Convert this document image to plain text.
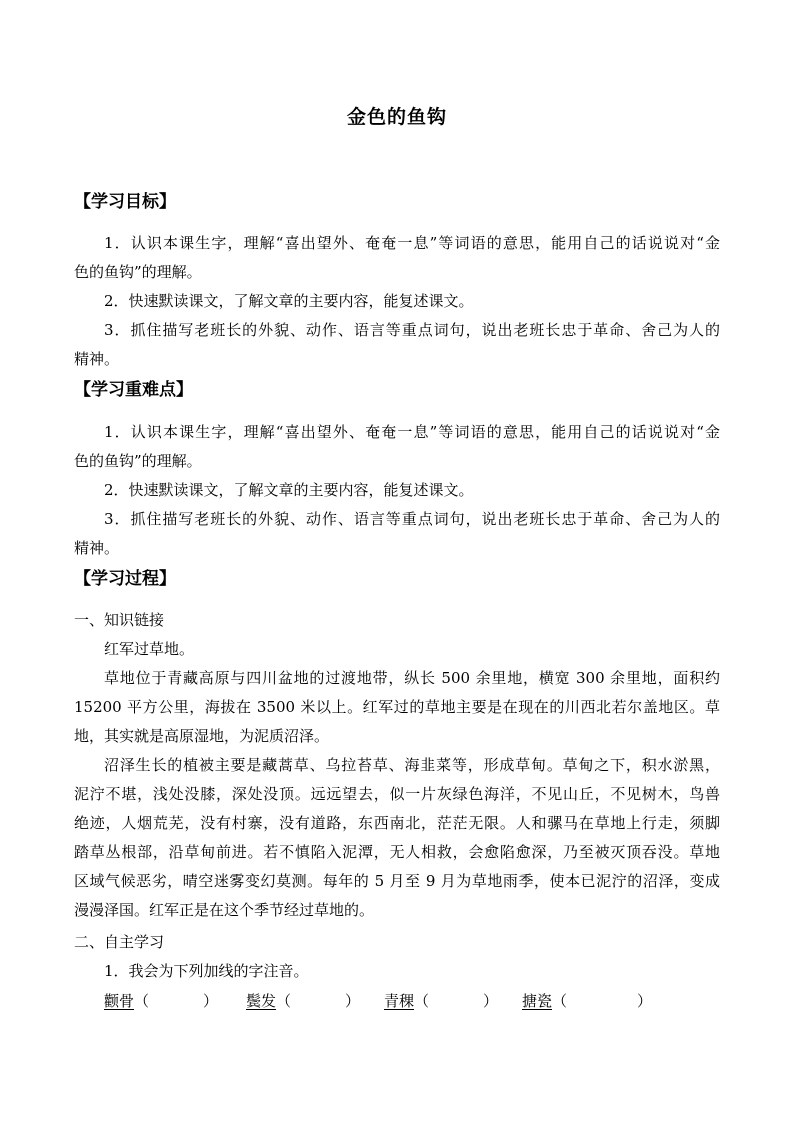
金色的鱼钩
【学习目标】
1．认识本课生字，理解“喜出望外、奄奄一息”等词语的意思，能用自己的话说说对“金
色的鱼钩”的理解。
2．快速默读课文，了解文章的主要内容，能复述课文。
3．抓住描写老班长的外貌、动作、语言等重点词句，说出老班长忠于革命、舍己为人的
精神。
【学习重难点】
1．认识本课生字，理解“喜出望外、奄奄一息”等词语的意思，能用自己的话说说对“金
色的鱼钩”的理解。
2．快速默读课文，了解文章的主要内容，能复述课文。
3．抓住描写老班长的外貌、动作、语言等重点词句，说出老班长忠于革命、舍己为人的
精神。
【学习过程】
一、知识链接
红军过草地。
草地位于青藏高原与四川盆地的过渡地带，纵长 500 余里地，横宽 300 余里地，面积约
15200 平方公里，海拔在 3500 米以上。红军过的草地主要是在现在的川西北若尔盖地区。草
地，其实就是高原湿地，为泥质沼泽。
沼泽生长的植被主要是藏蒿草、乌拉苔草、海韭菜等，形成草甸。草甸之下，积水淤黑，
泥泞不堪，浅处没膝，深处没顶。远远望去，似一片灰绿色海洋，不见山丘，不见树木，鸟兽
绝迹，人烟荒芜，没有村寨，没有道路，东西南北，茫茫无限。人和骡马在草地上行走，须脚
踏草丛根部，沿草甸前进。若不慎陷入泥潭，无人相救，会愈陷愈深，乃至被灭顶吞没。草地
区域气候恶劣，晴空迷雾变幻莫测。每年的 5 月至 9 月为草地雨季，使本已泥泞的沼泽，变成
漫漫泽国。红军正是在这个季节经过草地的。
二、自主学习
1．我会为下列加线的字注音。
颧骨（	） 鬓发（	） 青稞（	） 搪瓷（	）
